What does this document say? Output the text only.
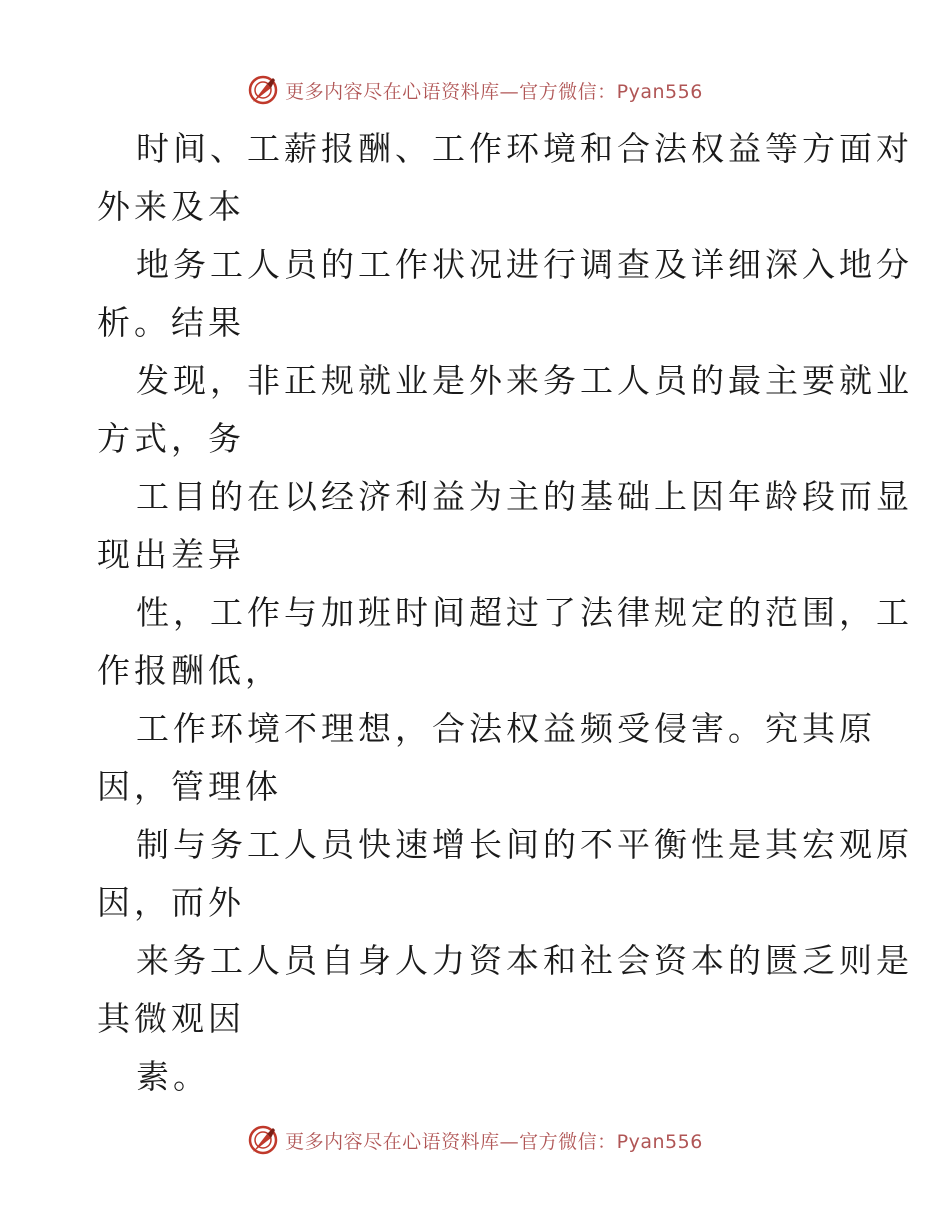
更多内容尽在心语资料库—官方微信：Pyan556
时间、工薪报酬、工作环境和合法权益等方面对
外来及本
地务工人员的工作状况进行调查及详细深入地分
析。结果
发现，非正规就业是外来务工人员的最主要就业
方式，务
工目的在以经济利益为主的基础上因年龄段而显
现出差异
性，工作与加班时间超过了法律规定的范围，工
作报酬低，
工作环境不理想，合法权益频受侵害。究其原
因，管理体
制与务工人员快速增长间的不平衡性是其宏观原
因，而外
来务工人员自身人力资本和社会资本的匮乏则是
其微观因
素。
更多内容尽在心语资料库—官方微信：Pyan556
